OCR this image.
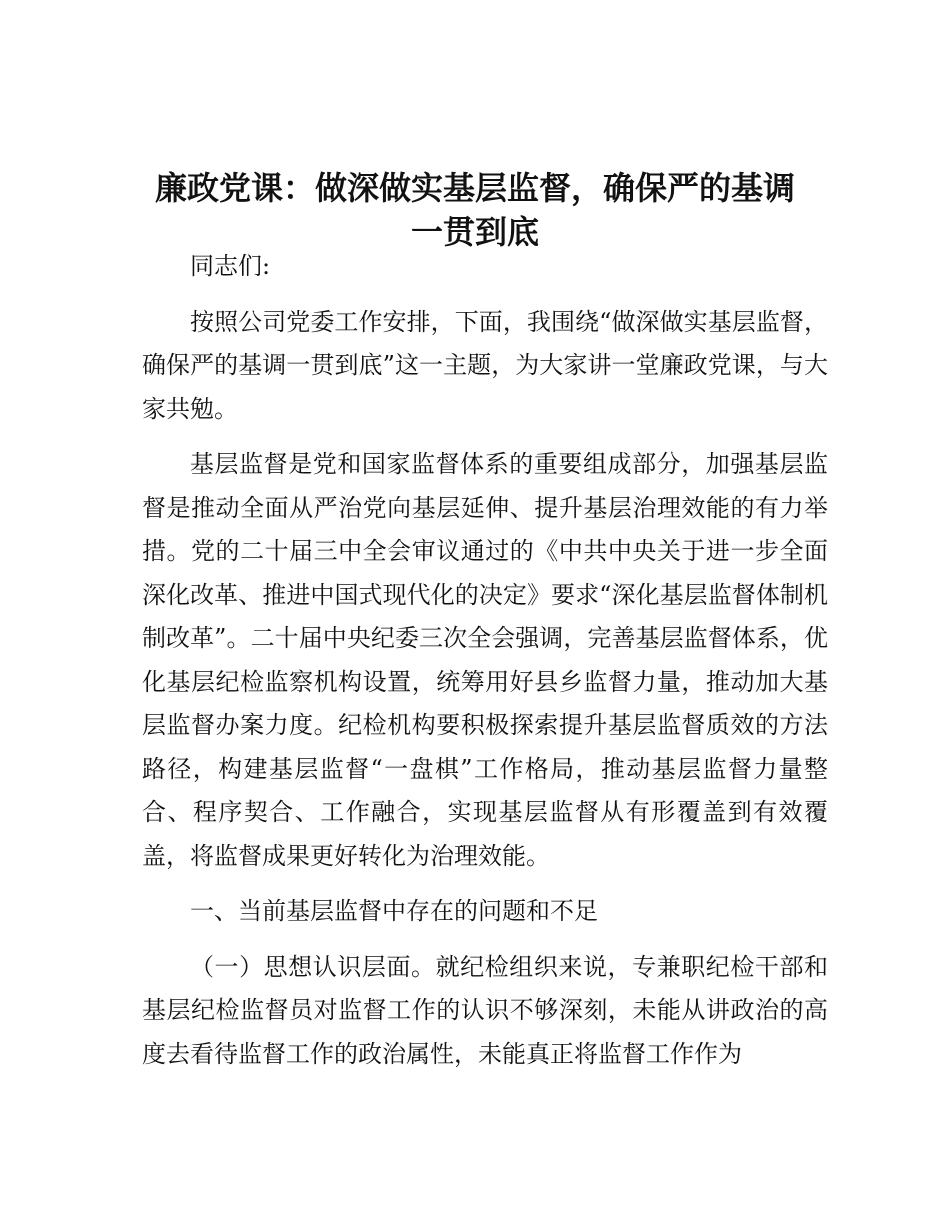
廉政党课：做深做实基层监督，确保严的基调
一贯到底

同志们:

按照公司党委工作安排，下面，我围绕“做深做实基层监督，确保严的基调一贯到底”这一主题，为大家讲一堂廉政党课，与大家共勉。

基层监督是党和国家监督体系的重要组成部分，加强基层监督是推动全面从严治党向基层延伸、提升基层治理效能的有力举措。党的二十届三中全会审议通过的《中共中央关于进一步全面深化改革、推进中国式现代化的决定》要求“深化基层监督体制机制改革”。二十届中央纪委三次全会强调，完善基层监督体系，优化基层纪检监察机构设置，统筹用好县乡监督力量，推动加大基层监督办案力度。纪检机构要积极探索提升基层监督质效的方法路径，构建基层监督“一盘棋”工作格局，推动基层监督力量整合、程序契合、工作融合，实现基层监督从有形覆盖到有效覆盖，将监督成果更好转化为治理效能。

一、当前基层监督中存在的问题和不足

（一）思想认识层面。就纪检组织来说，专兼职纪检干部和基层纪检监督员对监督工作的认识不够深刻，未能从讲政治的高度去看待监督工作的政治属性，未能真正将监督工作作为
